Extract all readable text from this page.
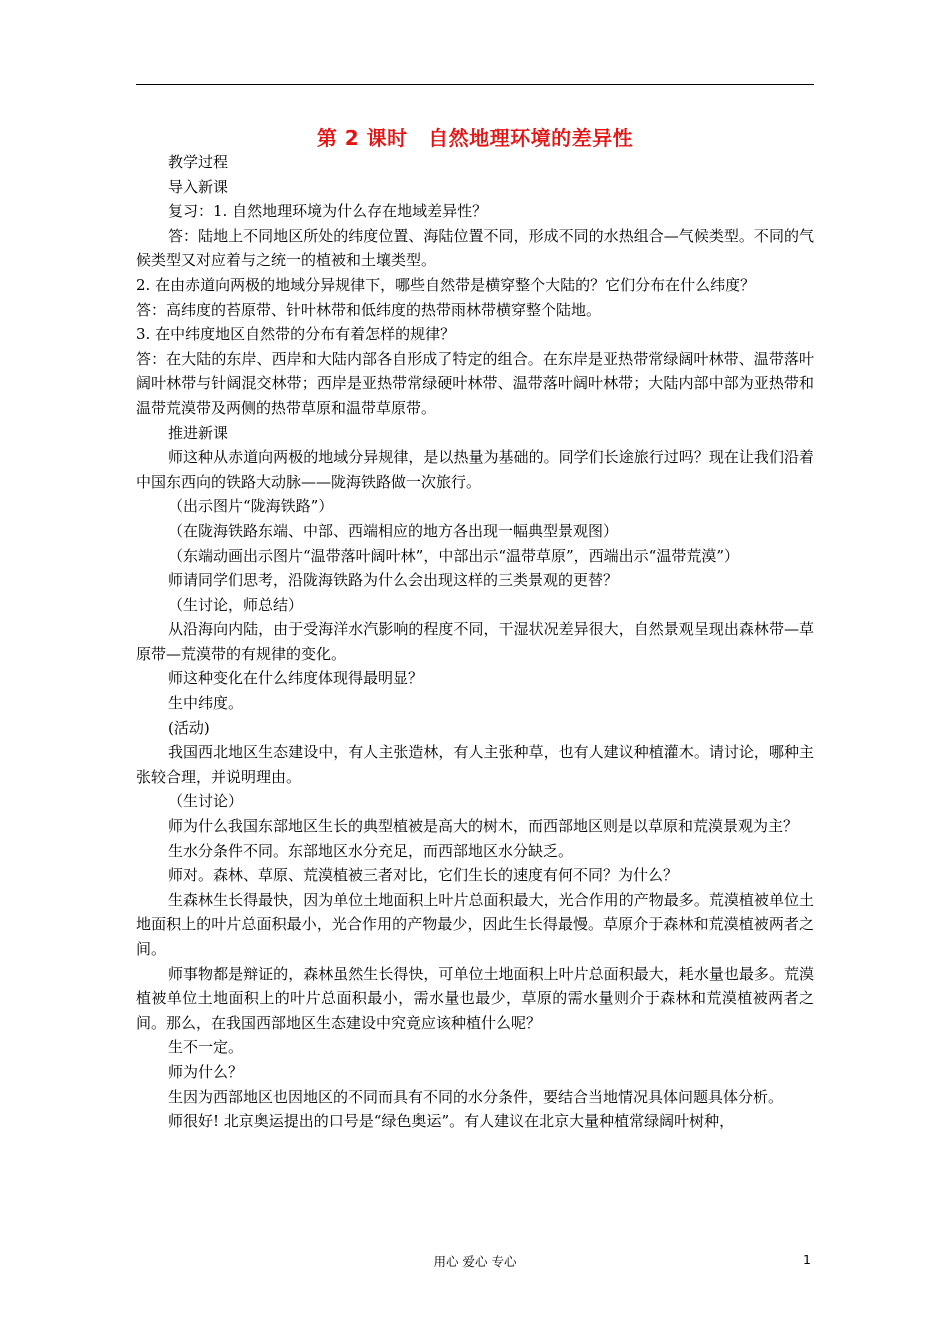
第 2 课时　自然地理环境的差异性

教学过程

导入新课

复习：1. 自然地理环境为什么存在地域差异性？

答：陆地上不同地区所处的纬度位置、海陆位置不同，形成不同的水热组合—气候类型。不同的气候类型又对应着与之统一的植被和土壤类型。

2. 在由赤道向两极的地域分异规律下，哪些自然带是横穿整个大陆的？它们分布在什么纬度？

答：高纬度的苔原带、针叶林带和低纬度的热带雨林带横穿整个陆地。

3. 在中纬度地区自然带的分布有着怎样的规律？

答：在大陆的东岸、西岸和大陆内部各自形成了特定的组合。在东岸是亚热带常绿阔叶林带、温带落叶阔叶林带与针阔混交林带；西岸是亚热带常绿硬叶林带、温带落叶阔叶林带；大陆内部中部为亚热带和温带荒漠带及两侧的热带草原和温带草原带。

推进新课

师这种从赤道向两极的地域分异规律，是以热量为基础的。同学们长途旅行过吗？现在让我们沿着中国东西向的铁路大动脉——陇海铁路做一次旅行。

（出示图片“陇海铁路”）

（在陇海铁路东端、中部、西端相应的地方各出现一幅典型景观图）

（东端动画出示图片“温带落叶阔叶林”，中部出示“温带草原”，西端出示“温带荒漠”）

师请同学们思考，沿陇海铁路为什么会出现这样的三类景观的更替？

（生讨论，师总结）

从沿海向内陆，由于受海洋水汽影响的程度不同，干湿状况差异很大，自然景观呈现出森林带—草原带—荒漠带的有规律的变化。

师这种变化在什么纬度体现得最明显？

生中纬度。

(活动)

我国西北地区生态建设中，有人主张造林，有人主张种草，也有人建议种植灌木。请讨论，哪种主张较合理，并说明理由。

（生讨论）

师为什么我国东部地区生长的典型植被是高大的树木，而西部地区则是以草原和荒漠景观为主？

生水分条件不同。东部地区水分充足，而西部地区水分缺乏。

师对。森林、草原、荒漠植被三者对比，它们生长的速度有何不同？为什么？

生森林生长得最快，因为单位土地面积上叶片总面积最大，光合作用的产物最多。荒漠植被单位土地面积上的叶片总面积最小，光合作用的产物最少，因此生长得最慢。草原介于森林和荒漠植被两者之间。

师事物都是辩证的，森林虽然生长得快，可单位土地面积上叶片总面积最大，耗水量也最多。荒漠植被单位土地面积上的叶片总面积最小，需水量也最少，草原的需水量则介于森林和荒漠植被两者之间。那么，在我国西部地区生态建设中究竟应该种植什么呢？

生不一定。

师为什么？

生因为西部地区也因地区的不同而具有不同的水分条件，要结合当地情况具体问题具体分析。

师很好! 北京奥运提出的口号是“绿色奥运”。有人建议在北京大量种植常绿阔叶树种，

用心 爱心 专心	1
